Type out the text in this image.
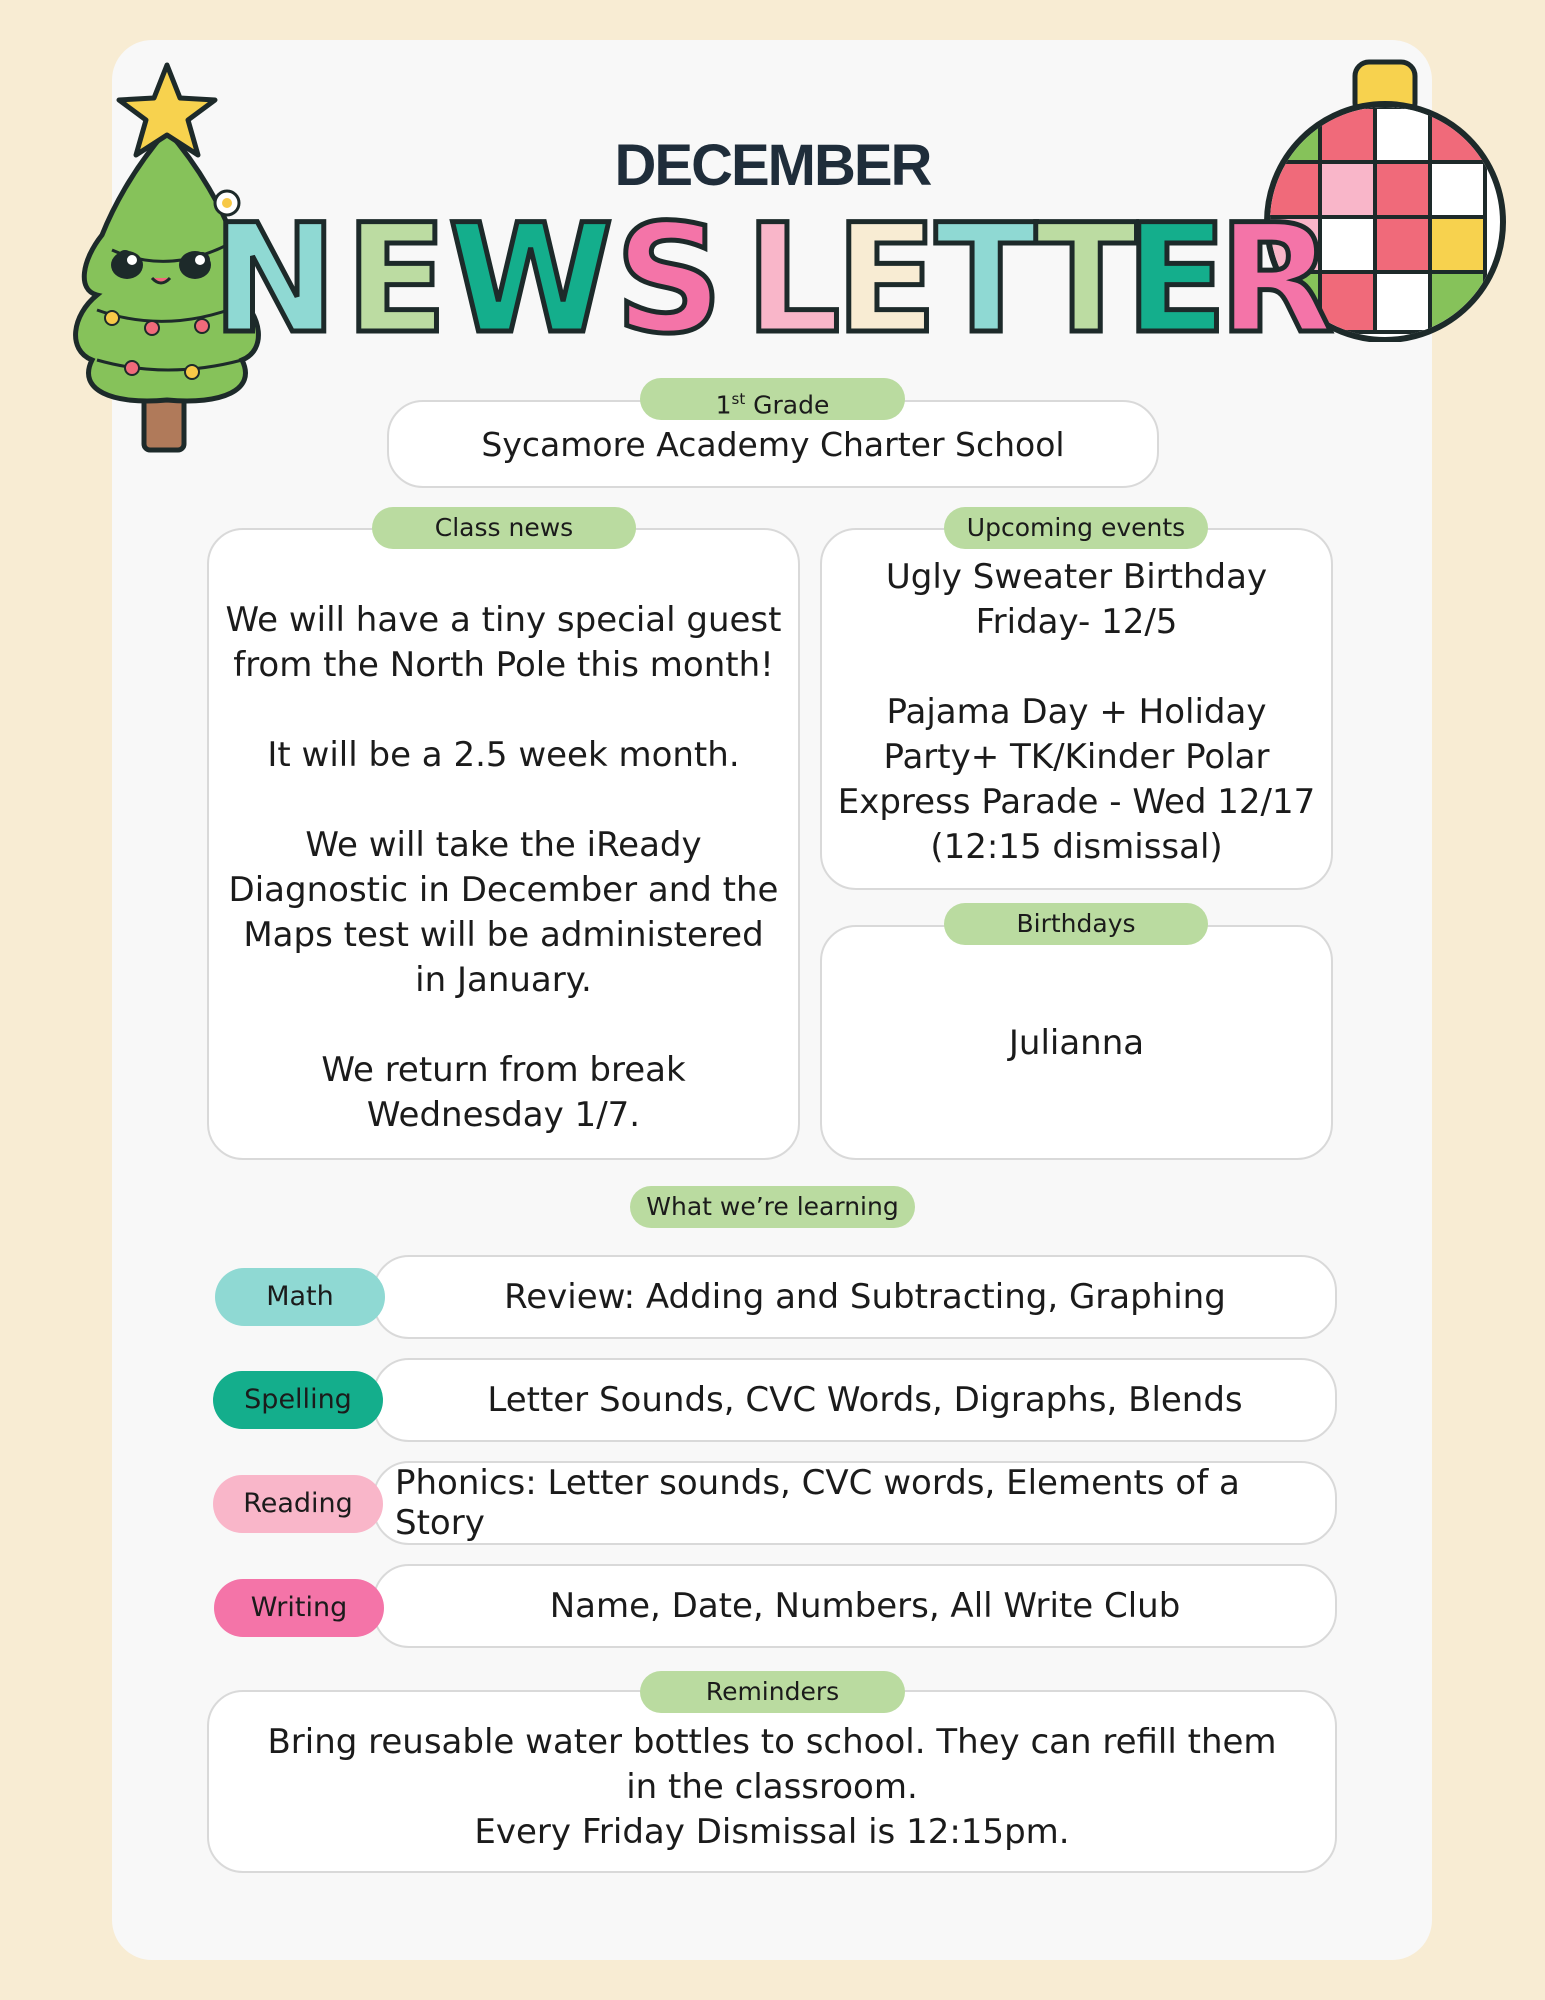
DECEMBER
N E W S L
E
T
T
E
R
Sycamore Academy Charter School
1st Grade

We will have a tiny special guest from the North Pole this month!

It will be a 2.5 week month.

We will take the iReady Diagnostic in December and the Maps test will be administered in January.

We return from break Wednesday 1/7.

Class news

Ugly Sweater Birthday Friday- 12/5

Pajama Day + Holiday Party+ TK/Kinder Polar Express Parade - Wed 12/17 (12:15 dismissal)

Upcoming events
Julianna
Birthdays
What we’re learning
Review: Adding and Subtracting, Graphing
Math
Letter Sounds, CVC Words, Digraphs, Blends
Spelling
Phonics: Letter sounds, CVC words, Elements of a Story
Reading
Name, Date, Numbers, All Write Club
Writing

Bring reusable water bottles to school. They can refill them in the classroom.

Every Friday Dismissal is 12:15pm.

Reminders
